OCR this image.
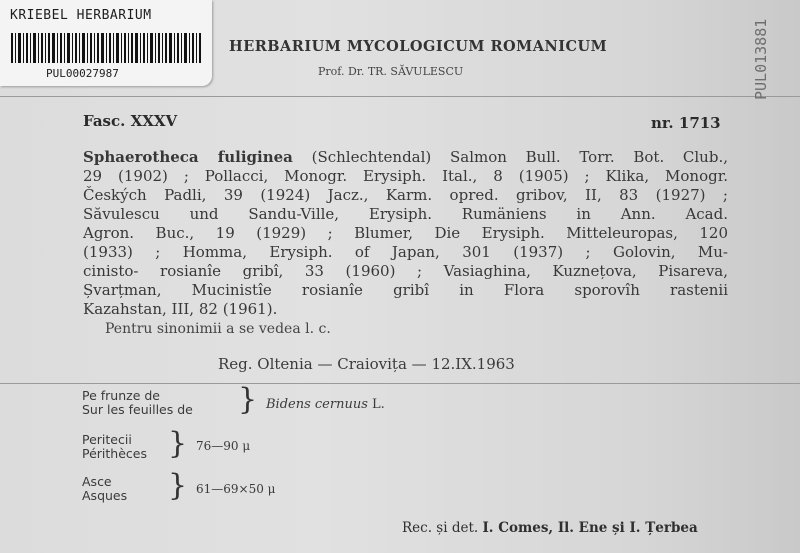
KRIEBEL HERBARIUM
PUL00027987
HERBARIUM MYCOLOGICUM ROMANICUM
Prof. Dr. TR. SĂVULESCU
Fasc. XXXV	nr. 1713
Sphaerotheca fuliginea (Schlechtendal) Salmon Bull. Torr. Bot. Club.,
29 (1902) ; Pollacci, Monogr. Erysiph. Ital., 8 (1905) ; Klika, Monogr.
Českých Padli, 39 (1924) Jacz., Karm. opred. gribov, II, 83 (1927) ;
Săvulescu und Sandu-Ville, Erysiph. Rumäniens in Ann. Acad.
Agron. Buc., 19 (1929) ; Blumer, Die Erysiph. Mitteleuropas, 120
(1933) ; Homma, Erysiph. of Japan, 301 (1937) ; Golovin, Mu-
cinisto- rosianîe gribî, 33 (1960) ; Vasiaghina, Kuznețova, Pisareva,
Șvarțman, Mucinistîe rosianîe gribî in Flora sporovîh rastenii
Kazahstan, III, 82 (1961).
Pentru sinonimii a se vedea l. c.
Reg. Oltenia — Craiovița — 12.IX.1963
Pe frunze de
Sur les feuilles de } Bidens cernuus L.
Peritecii
Périthèces } 76—90 μ
Asce
Asques } 61—69×50 μ
Rec. și det. I. Comes, Il. Ene și I. Țerbea
PUL013881
